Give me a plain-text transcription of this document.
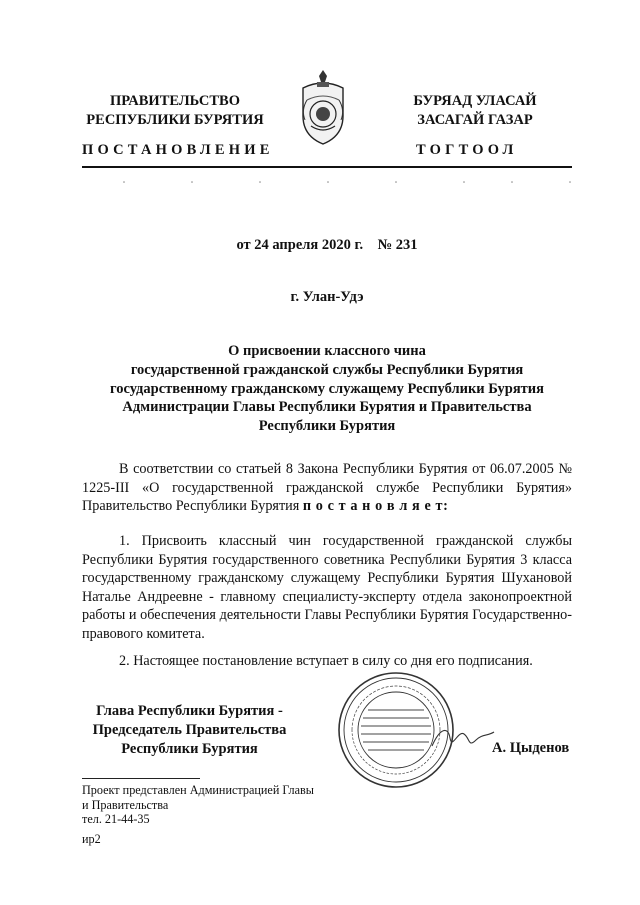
ПРАВИТЕЛЬСТВО
РЕСПУБЛИКИ БУРЯТИЯ
БУРЯАД УЛАСАЙ
ЗАСАГАЙ ГАЗАР
ПОСТАНОВЛЕНИЕ	ТОГТООЛ
от 24 апреля 2020 г.    № 231
г. Улан-Удэ

О присвоении классного чина

государственной гражданской службы Республики Бурятия

государственному гражданскому служащему Республики Бурятия

Администрации Главы Республики Бурятия и Правительства

Республики Бурятия

В соответствии со статьей 8 Закона Республики Бурятия от 06.07.2005 № 1225-III «О государственной гражданской службе Республики Бурятия» Правительство Республики Бурятия п о с т а н о в л я е т:
1. Присвоить классный чин государственной гражданской службы Республики Бурятия государственного советника Республики Бурятия 3 класса государственному гражданскому служащему Республики Бурятия Шухановой Наталье Андреевне - главному специалисту-эксперту отдела законопроектной работы и обеспечения деятельности Главы Республики Бурятия Государственно-правового комитета.
2. Настоящее постановление вступает в силу со дня его подписания.
Глава Республики Бурятия -
Председатель Правительства
Республики Бурятия	А. Цыденов
Проект представлен Администрацией Главы
и Правительства
тел. 21-44-35
ир2
